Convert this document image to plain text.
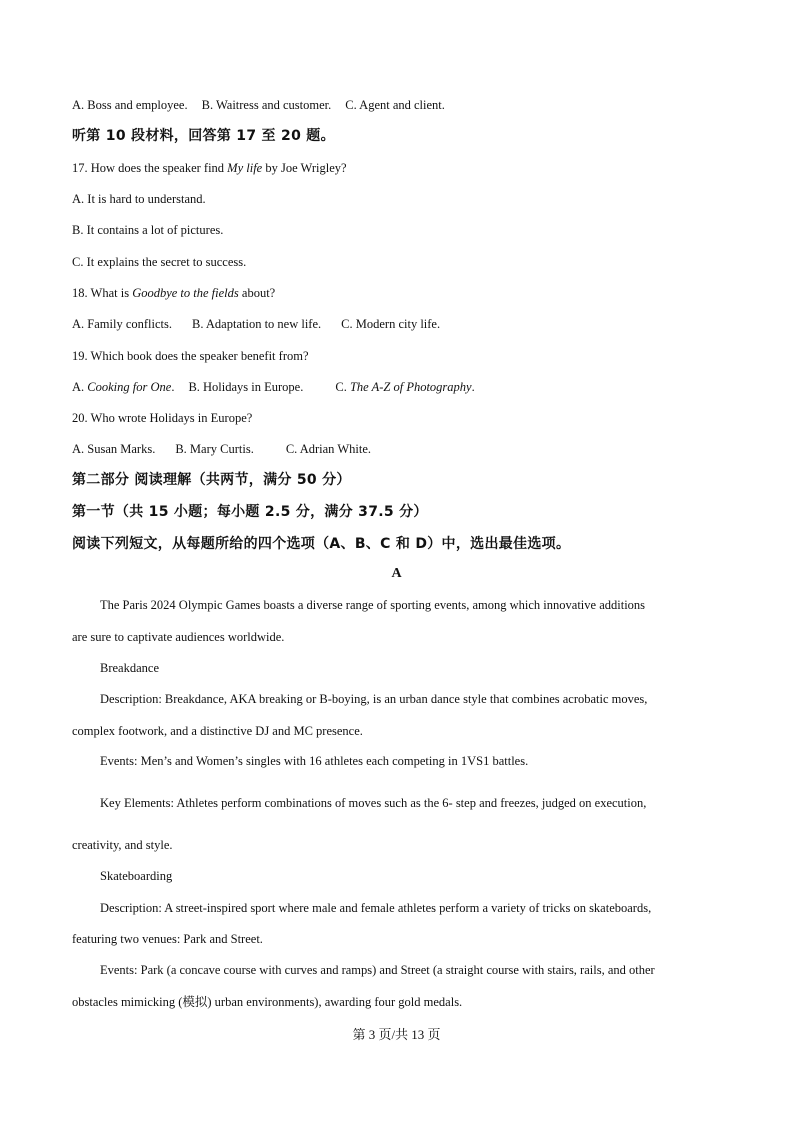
A. Boss and employee. B. Waitress and customer. C. Agent and client.
听第 10 段材料，回答第 17 至 20 题。
17. How does the speaker find My life by Joe Wrigley?
A. It is hard to understand.
B. It contains a lot of pictures.
C. It explains the secret to success.
18. What is Goodbye to the fields about?
A. Family conflicts. B. Adaptation to new life. C. Modern city life.
19. Which book does the speaker benefit from?
A. Cooking for One. B. Holidays in Europe.	C. The A-Z of Photography.
20. Who wrote Holidays in Europe?
A. Susan Marks. B. Mary Curtis.	C. Adrian White.
第二部分 阅读理解（共两节，满分 50 分）
第一节（共 15 小题；每小题 2.5 分，满分 37.5 分）
阅读下列短文，从每题所给的四个选项（A、B、C 和 D）中，选出最佳选项。
A
The Paris 2024 Olympic Games boasts a diverse range of sporting events, among which innovative additions
are sure to captivate audiences worldwide.
Breakdance
Description: Breakdance, AKA breaking or B-boying, is an urban dance style that combines acrobatic moves,
complex footwork, and a distinctive DJ and MC presence.
Events: Men’s and Women’s singles with 16 athletes each competing in 1VS1 battles.
Key Elements: Athletes perform combinations of moves such as the 6- step and freezes, judged on execution,
creativity, and style.
Skateboarding
Description: A street-inspired sport where male and female athletes perform a variety of tricks on skateboards,
featuring two venues: Park and Street.
Events: Park (a concave course with curves and ramps) and Street (a straight course with stairs, rails, and other
obstacles mimicking (模拟) urban environments), awarding four gold medals.
第 3 页/共 13 页
